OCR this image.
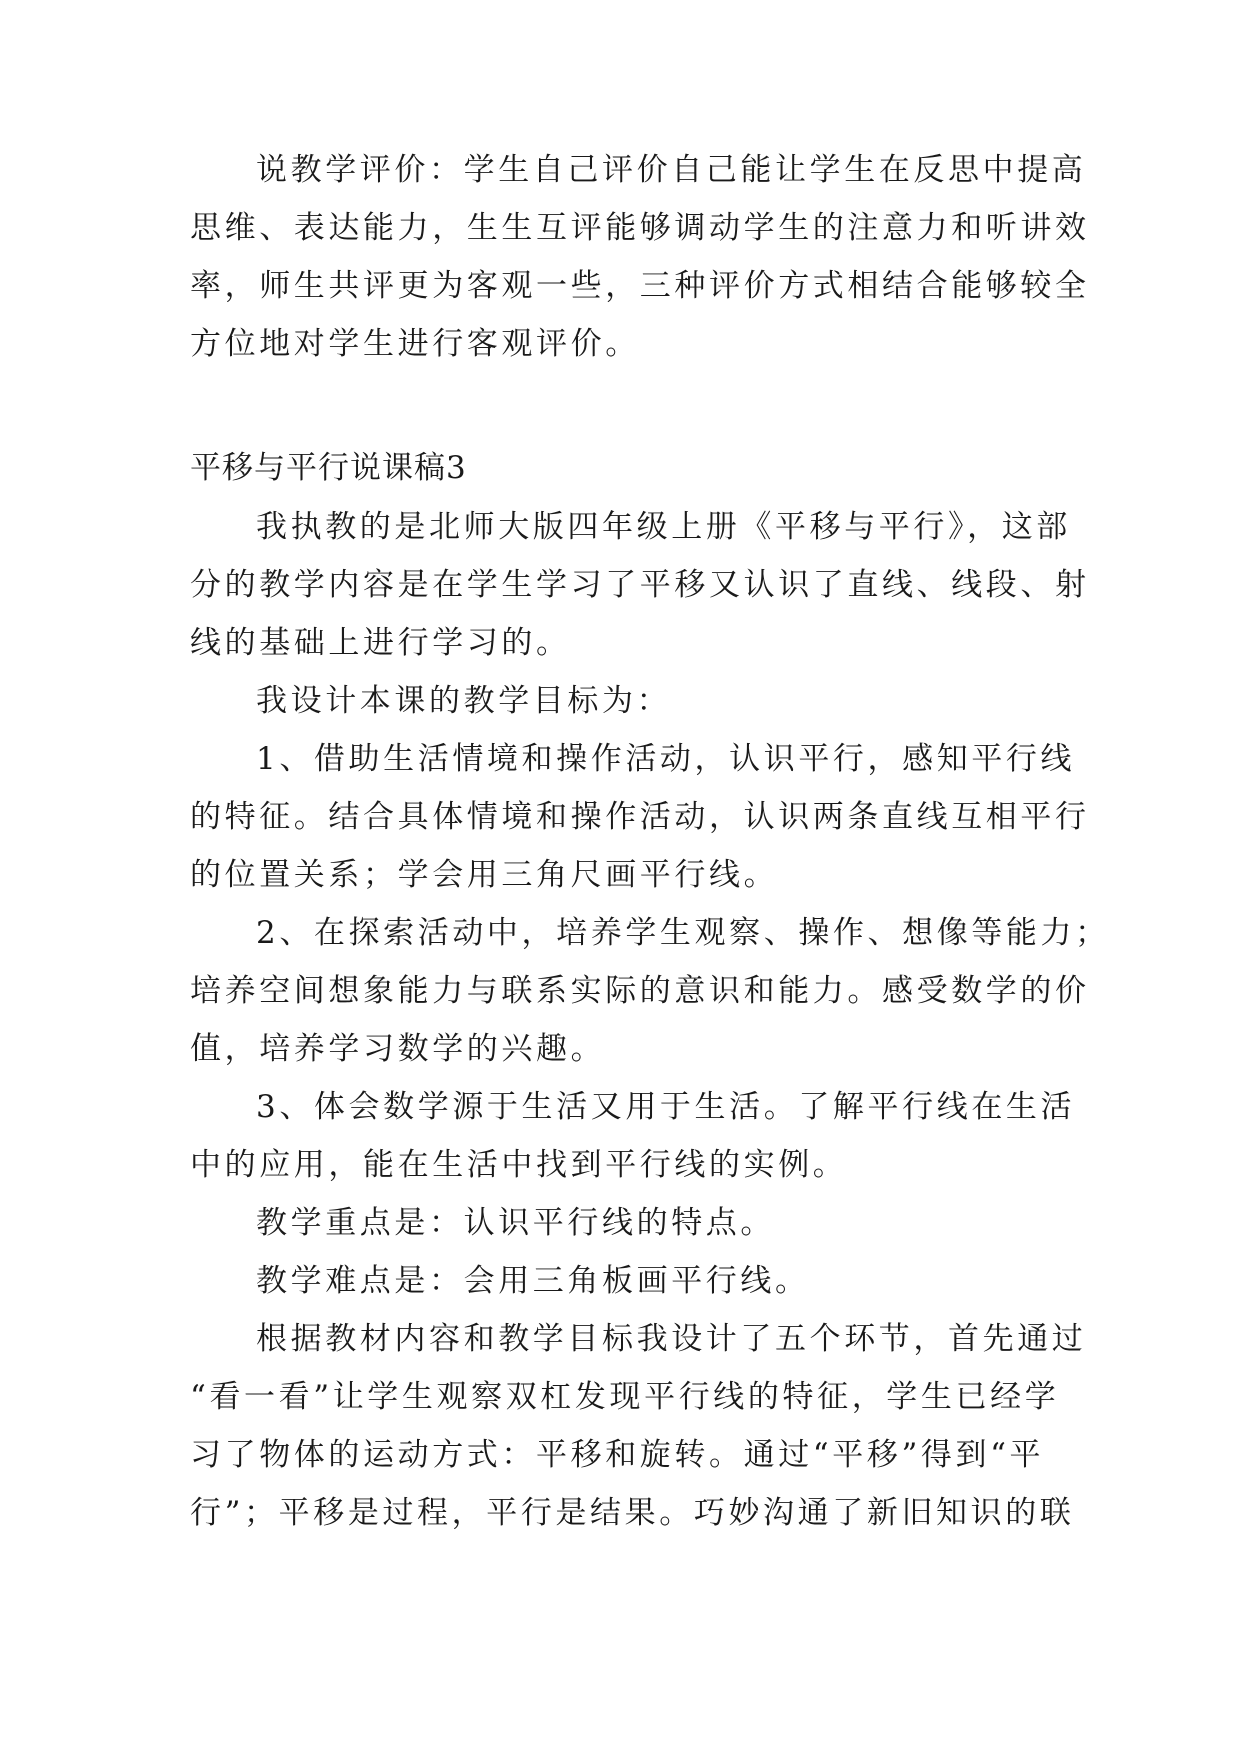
说教学评价：学生自己评价自己能让学生在反思中提高
思维、表达能力，生生互评能够调动学生的注意力和听讲效
率，师生共评更为客观一些，三种评价方式相结合能够较全
方位地对学生进行客观评价。
平移与平行说课稿3
我执教的是北师大版四年级上册《平移与平行》，这部
分的教学内容是在学生学习了平移又认识了直线、线段、射
线的基础上进行学习的。
我设计本课的教学目标为：
1、借助生活情境和操作活动，认识平行，感知平行线
的特征。结合具体情境和操作活动，认识两条直线互相平行
的位置关系；学会用三角尺画平行线。
2、在探索活动中，培养学生观察、操作、想像等能力；
培养空间想象能力与联系实际的意识和能力。感受数学的价
值，培养学习数学的兴趣。
3、体会数学源于生活又用于生活。了解平行线在生活
中的应用，能在生活中找到平行线的实例。
教学重点是：认识平行线的特点。
教学难点是：会用三角板画平行线。
根据教材内容和教学目标我设计了五个环节，首先通过
“看一看”让学生观察双杠发现平行线的特征，学生已经学
习了物体的运动方式：平移和旋转。通过“平移”得到“平
行”；平移是过程，平行是结果。巧妙沟通了新旧知识的联
